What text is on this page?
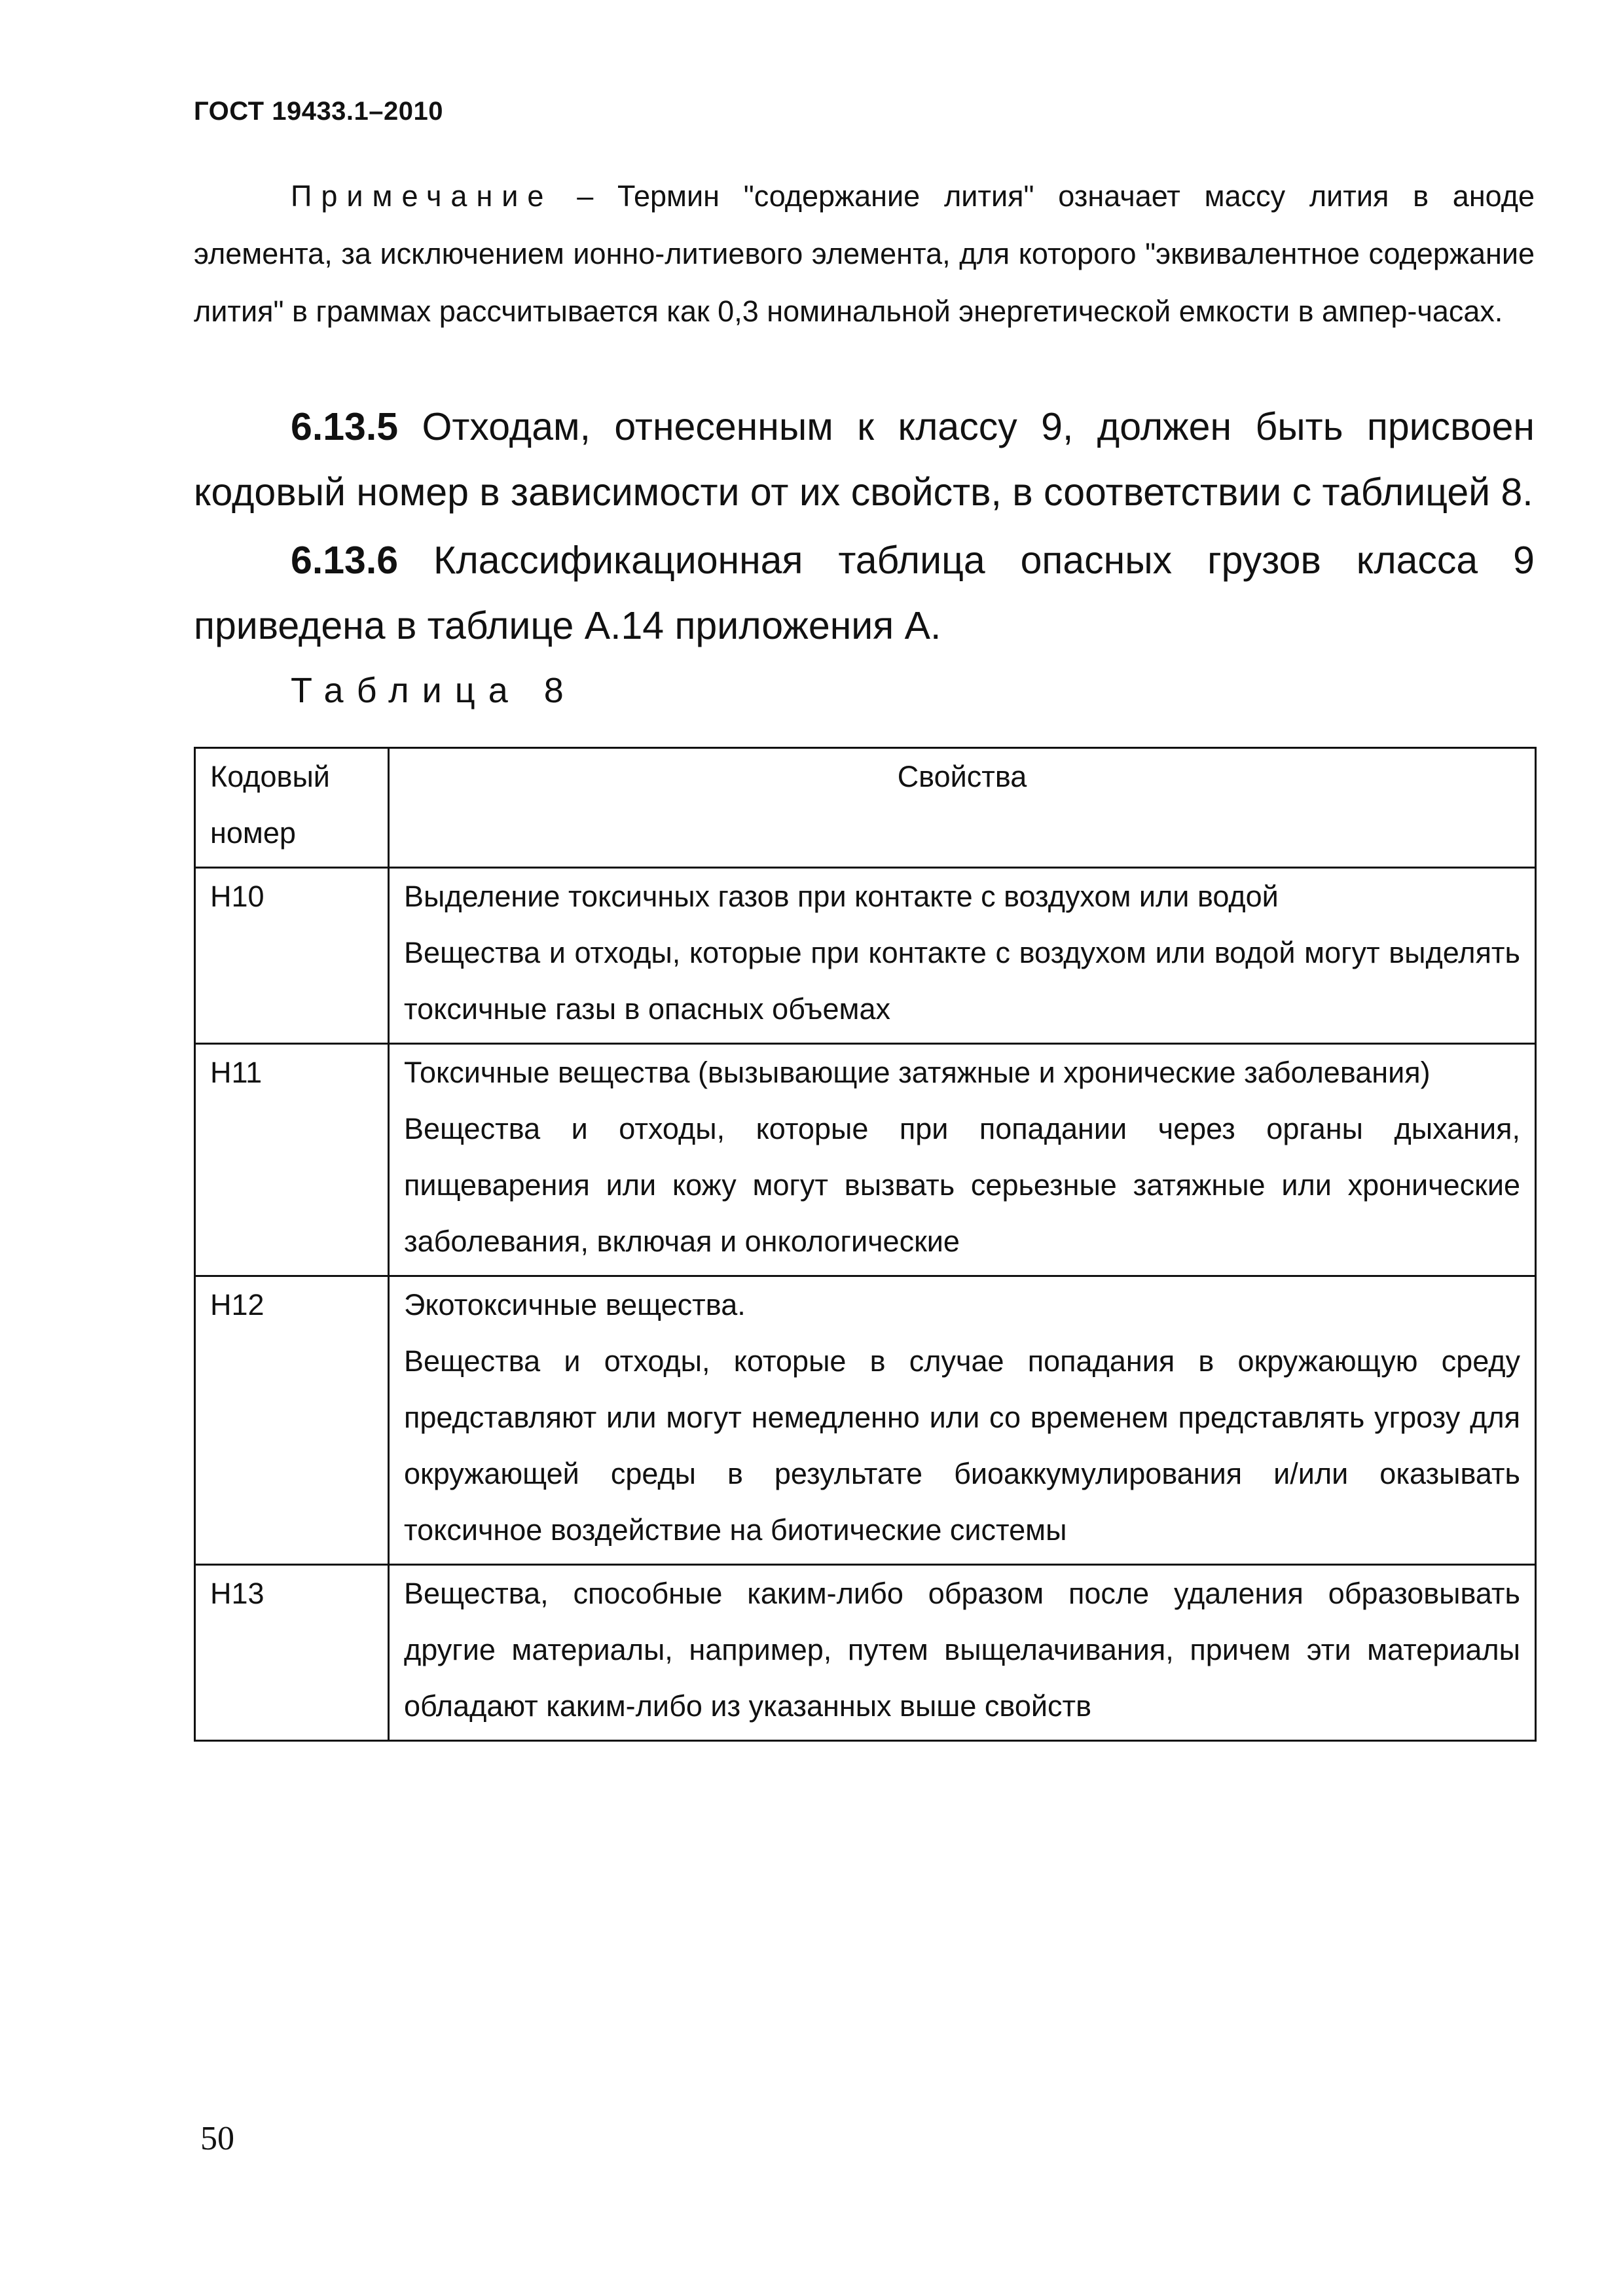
ГОСТ 19433.1–2010
Примечание – Термин "содержание лития" означает массу лития в аноде элемента, за исключением ионно-литиевого элемента, для которого "эквивалентное содержание лития" в граммах рассчитывается как 0,3 номинальной энергетической емкости в ампер-часах.
6.13.5 Отходам, отнесенным к классу 9, должен быть присвоен кодовый номер в зависимости от их свойств, в соответствии с таблицей 8.
6.13.6 Классификационная таблица опасных грузов класса 9 приведена в таблице А.14 приложения А.
Таблица 8
Кодовый номер	Свойства
Н10	Выделение токсичных газов при контакте с воздухом или водой

Вещества и отходы, которые при контакте с воздухом или водой могут выделять токсичные газы в опасных объемах

Н11	Токсичные вещества (вызывающие затяжные и хронические заболевания)

Вещества и отходы, которые при попадании через органы дыхания, пищеварения или кожу могут вызвать серьезные затяжные или хронические заболевания, включая и онкологические

Н12	Экотоксичные вещества.

Вещества и отходы, которые в случае попадания в окружающую среду представляют или могут немедленно или со временем представлять угрозу для окружающей среды в результате биоаккумулирования и/или оказывать токсичное воздействие на биотические системы

Н13	Вещества, способные каким-либо образом после удаления образовывать другие материалы, например, путем выщелачивания, причем эти материалы обладают каким-либо из указанных выше свойств

50
